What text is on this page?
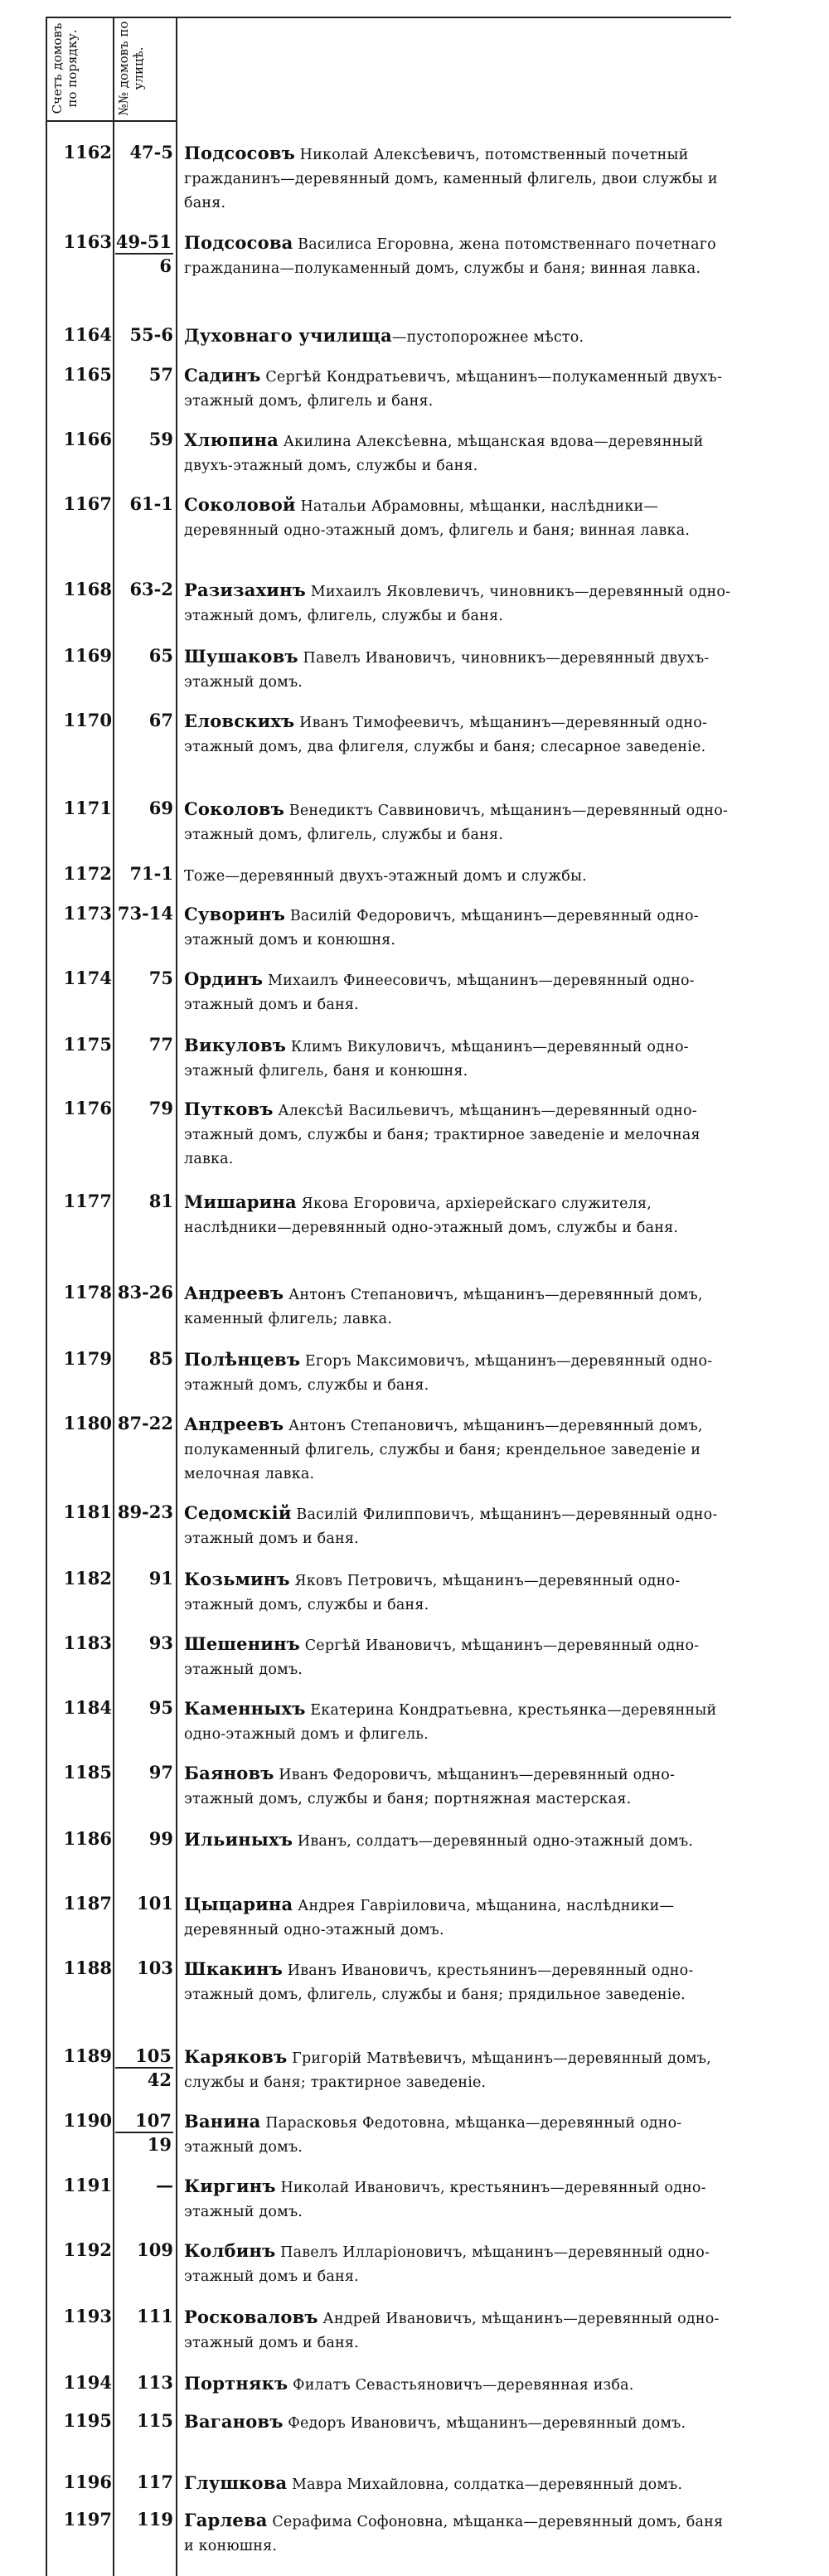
Счетъ домовъ по порядку.	№№ домовъ по улицѣ.
1162	47-5 Подсосовъ Николай Алексѣевичъ, потомственный почетный гражданинъ—деревянный домъ, каменный флигель, двои службы и баня.
$1163 \frac{49-51}{6}$ Подсосова Василиса Егоровна, жена потомственнаго почетнаго гражданина—полукаменный домъ, службы и баня; винная лавка.
1164	55-6 Духовнаго училища—пустопорожнее мѣсто.
1165	57 Садинъ Сергѣй Кондратьевичъ, мѣщанинъ—полукаменный двухъ-этажный домъ, флигель и баня.
1166	59 Хлюпина Акилина Алексѣевна, мѣщанская вдова—деревянный двухъ-этажный домъ, службы и баня.
1167	61-1 Соколовой Натальи Абрамовны, мѣщанки, наслѣдники—деревянный одно-этажный домъ, флигель и баня; винная лавка.
1168	63-2 Разизахинъ Михаилъ Яковлевичъ, чиновникъ—деревянный одно-этажный домъ, флигель, службы и баня.
1169	65 Шушаковъ Павелъ Ивановичъ, чиновникъ—деревянный двухъ-этажный домъ.
1170	67 Еловскихъ Иванъ Тимофеевичъ, мѣщанинъ—деревянный одно-этажный домъ, два флигеля, службы и баня; слесарное заведеніе.
1171	69 Соколовъ Венедиктъ Саввиновичъ, мѣщанинъ—деревянный одно-этажный домъ, флигель, службы и баня.
1172	71-1 Тоже—деревянный двухъ-этажный домъ и службы.
1173 73-14 Суворинъ Василій Федоровичъ, мѣщанинъ—деревянный одно-этажный домъ и конюшня.
1174	75 Ординъ Михаилъ Финеесовичъ, мѣщанинъ—деревянный одно-этажный домъ и баня.
1175	77 Викуловъ Климъ Викуловичъ, мѣщанинъ—деревянный одно-этажный флигель, баня и конюшня.
1176	79 Путковъ Алексѣй Васильевичъ, мѣщанинъ—деревянный одно-этажный домъ, службы и баня; трактирное заведеніе и мелочная лавка.
1177	81 Мишарина Якова Егоровича, архіерейскаго служителя, наслѣдники—деревянный одно-этажный домъ, службы и баня.
1178 83-26 Андреевъ Антонъ Степановичъ, мѣщанинъ—деревянный домъ, каменный флигель; лавка.
1179	85 Полѣнцевъ Егоръ Максимовичъ, мѣщанинъ—деревянный одно-этажный домъ, службы и баня.
1180 87-22 Андреевъ Антонъ Степановичъ, мѣщанинъ—деревянный домъ, полукаменный флигель, службы и баня; крендельное заведеніе и мелочная лавка.
1181 89-23 Седомскій Василій Филипповичъ, мѣщанинъ—деревянный одно-этажный домъ и баня.
1182	91 Козьминъ Яковъ Петровичъ, мѣщанинъ—деревянный одно-этажный домъ, службы и баня.
1183	93 Шешенинъ Сергѣй Ивановичъ, мѣщанинъ—деревянный одно-этажный домъ.
1184	95 Каменныхъ Екатерина Кондратьевна, крестьянка—деревянный одно-этажный домъ и флигель.
1185	97 Баяновъ Иванъ Федоровичъ, мѣщанинъ—деревянный одно-этажный домъ, службы и баня; портняжная мастерская.
1186	99 Ильиныхъ Иванъ, солдатъ—деревянный одно-этажный домъ.
1187	101 Цыцарина Андрея Гавріиловича, мѣщанина, наслѣдники—деревянный одно-этажный домъ.
1188	103 Шкакинъ Иванъ Ивановичъ, крестьянинъ—деревянный одно-этажный домъ, флигель, службы и баня; прядильное заведеніе.
$1189 \frac{105}{42}$ Каряковъ Григорій Матвѣевичъ, мѣщанинъ—деревянный домъ, службы и баня; трактирное заведеніе.
$1190 \frac{107}{19}$ Ванина Парасковья Федотовна, мѣщанка—деревянный одно-этажный домъ.
1191	— Киргинъ Николай Ивановичъ, крестьянинъ—деревянный одно-этажный домъ.
1192	109 Колбинъ Павелъ Илларіоновичъ, мѣщанинъ—деревянный одно-этажный домъ и баня.
1193	111 Росковаловъ Андрей Ивановичъ, мѣщанинъ—деревянный одно-этажный домъ и баня.
1194	113 Портнякъ Филатъ Севастьяновичъ—деревянная изба.
1195	115 Вагановъ Федоръ Ивановичъ, мѣщанинъ—деревянный домъ.
1196	117 Глушкова Мавра Михайловна, солдатка—деревянный домъ.
1197	119 Гарлева Серафима Софоновна, мѣщанка—деревянный домъ, баня и конюшня.
